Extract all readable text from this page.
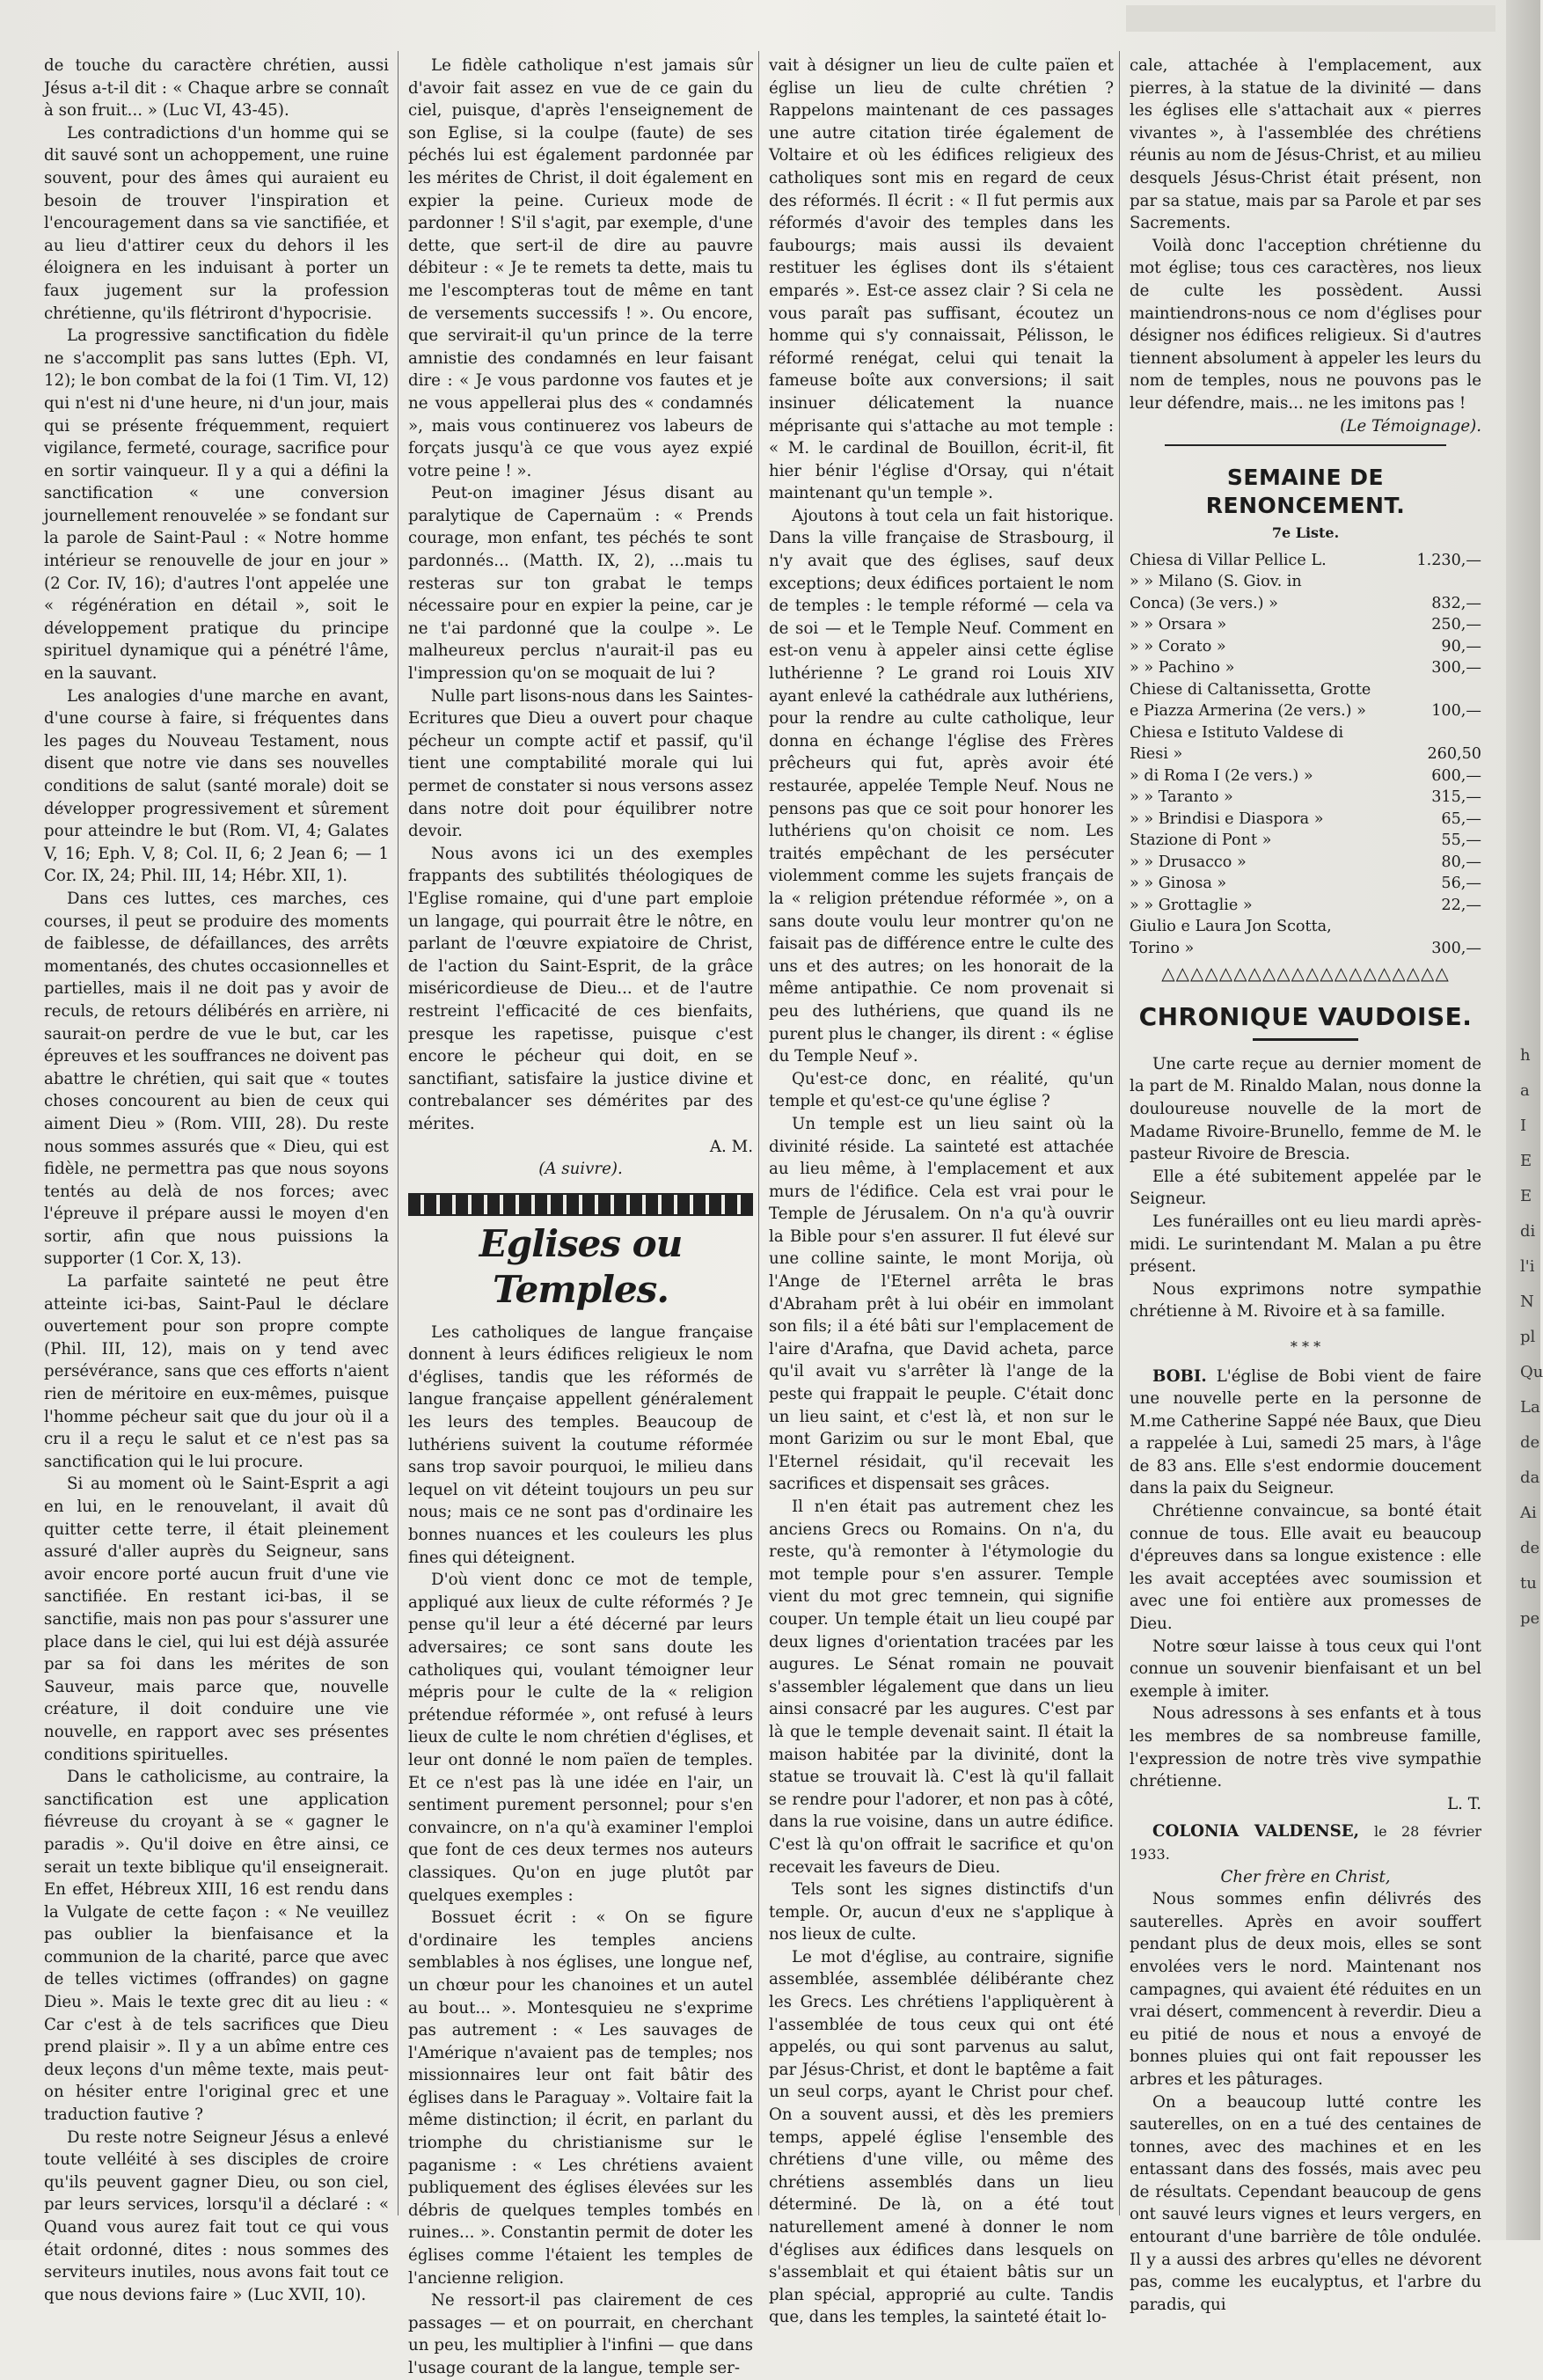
de touche du caractère chrétien, aussi Jésus a-t-il dit : « Chaque arbre se connaît à son fruit... » (Luc VI, 43-45).

Les contradictions d'un homme qui se dit sauvé sont un achoppement, une ruine souvent, pour des âmes qui auraient eu besoin de trouver l'inspiration et l'encouragement dans sa vie sanctifiée, et au lieu d'attirer ceux du dehors il les éloignera en les induisant à porter un faux jugement sur la profession chrétienne, qu'ils flétriront d'hypocrisie.

La progressive sanctification du fidèle ne s'accomplit pas sans luttes (Eph. VI, 12); le bon combat de la foi (1 Tim. VI, 12) qui n'est ni d'une heure, ni d'un jour, mais qui se présente fréquemment, requiert vigilance, fermeté, courage, sacrifice pour en sortir vainqueur. Il y a qui a défini la sanctification « une conversion journellement renouvelée » se fondant sur la parole de Saint-Paul : « Notre homme intérieur se renouvelle de jour en jour » (2 Cor. IV, 16); d'autres l'ont appelée une « régénération en détail », soit le développement pratique du principe spirituel dynamique qui a pénétré l'âme, en la sauvant.

Les analogies d'une marche en avant, d'une course à faire, si fréquentes dans les pages du Nouveau Testament, nous disent que notre vie dans ses nouvelles conditions de salut (santé morale) doit se développer progressivement et sûrement pour atteindre le but (Rom. VI, 4; Galates V, 16; Eph. V, 8; Col. II, 6; 2 Jean 6; — 1 Cor. IX, 24; Phil. III, 14; Hébr. XII, 1).

Dans ces luttes, ces marches, ces courses, il peut se produire des moments de faiblesse, de défaillances, des arrêts momentanés, des chutes occasionnelles et partielles, mais il ne doit pas y avoir de reculs, de retours délibérés en arrière, ni saurait-on perdre de vue le but, car les épreuves et les souffrances ne doivent pas abattre le chrétien, qui sait que « toutes choses concourent au bien de ceux qui aiment Dieu » (Rom. VIII, 28). Du reste nous sommes assurés que « Dieu, qui est fidèle, ne permettra pas que nous soyons tentés au delà de nos forces; avec l'épreuve il prépare aussi le moyen d'en sortir, afin que nous puissions la supporter (1 Cor. X, 13).

La parfaite sainteté ne peut être atteinte ici-bas, Saint-Paul le déclare ouvertement pour son propre compte (Phil. III, 12), mais on y tend avec persévérance, sans que ces efforts n'aient rien de méritoire en eux-mêmes, puisque l'homme pécheur sait que du jour où il a cru il a reçu le salut et ce n'est pas sa sanctification qui le lui procure.

Si au moment où le Saint-Esprit a agi en lui, en le renouvelant, il avait dû quitter cette terre, il était pleinement assuré d'aller auprès du Seigneur, sans avoir encore porté aucun fruit d'une vie sanctifiée. En restant ici-bas, il se sanctifie, mais non pas pour s'assurer une place dans le ciel, qui lui est déjà assurée par sa foi dans les mérites de son Sauveur, mais parce que, nouvelle créature, il doit conduire une vie nouvelle, en rapport avec ses présentes conditions spirituelles.

Dans le catholicisme, au contraire, la sanctification est une application fiévreuse du croyant à se « gagner le paradis ». Qu'il doive en être ainsi, ce serait un texte biblique qu'il enseignerait. En effet, Hébreux XIII, 16 est rendu dans la Vulgate de cette façon : « Ne veuillez pas oublier la bienfaisance et la communion de la charité, parce que avec de telles victimes (offrandes) on gagne Dieu ». Mais le texte grec dit au lieu : « Car c'est à de tels sacrifices que Dieu prend plaisir ». Il y a un abîme entre ces deux leçons d'un même texte, mais peut-on hésiter entre l'original grec et une traduction fautive ?

Du reste notre Seigneur Jésus a enlevé toute velléité à ses disciples de croire qu'ils peuvent gagner Dieu, ou son ciel, par leurs services, lorsqu'il a déclaré : « Quand vous aurez fait tout ce qui vous était ordonné, dites : nous sommes des serviteurs inutiles, nous avons fait tout ce que nous devions faire » (Luc XVII, 10).

Le fidèle catholique n'est jamais sûr d'avoir fait assez en vue de ce gain du ciel, puisque, d'après l'enseignement de son Eglise, si la coulpe (faute) de ses péchés lui est également pardonnée par les mérites de Christ, il doit également en expier la peine. Curieux mode de pardonner ! S'il s'agit, par exemple, d'une dette, que sert-il de dire au pauvre débiteur : « Je te remets ta dette, mais tu me l'escompteras tout de même en tant de versements successifs ! ». Ou encore, que servirait-il qu'un prince de la terre amnistie des condamnés en leur faisant dire : « Je vous pardonne vos fautes et je ne vous appellerai plus des « condamnés », mais vous continuerez vos labeurs de forçats jusqu'à ce que vous ayez expié votre peine ! ».

Peut-on imaginer Jésus disant au paralytique de Capernaüm : « Prends courage, mon enfant, tes péchés te sont pardonnés... (Matth. IX, 2), ...mais tu resteras sur ton grabat le temps nécessaire pour en expier la peine, car je ne t'ai pardonné que la coulpe ». Le malheureux perclus n'aurait-il pas eu l'impression qu'on se moquait de lui ?

Nulle part lisons-nous dans les Saintes-Ecritures que Dieu a ouvert pour chaque pécheur un compte actif et passif, qu'il tient une comptabilité morale qui lui permet de constater si nous versons assez dans notre doit pour équilibrer notre devoir.

Nous avons ici un des exemples frappants des subtilités théologiques de l'Eglise romaine, qui d'une part emploie un langage, qui pourrait être le nôtre, en parlant de l'œuvre expiatoire de Christ, de l'action du Saint-Esprit, de la grâce miséricordieuse de Dieu... et de l'autre restreint l'efficacité de ces bienfaits, presque les rapetisse, puisque c'est encore le pécheur qui doit, en se sanctifiant, satisfaire la justice divine et contrebalancer ses démérites par des mérites.

A. M.

(A suivre).

Eglises ou Temples.

Les catholiques de langue française donnent à leurs édifices religieux le nom d'églises, tandis que les réformés de langue française appellent généralement les leurs des temples. Beaucoup de luthériens suivent la coutume réformée sans trop savoir pourquoi, le milieu dans lequel on vit déteint toujours un peu sur nous; mais ce ne sont pas d'ordinaire les bonnes nuances et les couleurs les plus fines qui déteignent.

D'où vient donc ce mot de temple, appliqué aux lieux de culte réformés ? Je pense qu'il leur a été décerné par leurs adversaires; ce sont sans doute les catholiques qui, voulant témoigner leur mépris pour le culte de la « religion prétendue réformée », ont refusé à leurs lieux de culte le nom chrétien d'églises, et leur ont donné le nom païen de temples. Et ce n'est pas là une idée en l'air, un sentiment purement personnel; pour s'en convaincre, on n'a qu'à examiner l'emploi que font de ces deux termes nos auteurs classiques. Qu'on en juge plutôt par quelques exemples :

Bossuet écrit : « On se figure d'ordinaire les temples anciens semblables à nos églises, une longue nef, un chœur pour les chanoines et un autel au bout... ». Montesquieu ne s'exprime pas autrement : « Les sauvages de l'Amérique n'avaient pas de temples; nos missionnaires leur ont fait bâtir des églises dans le Paraguay ». Voltaire fait la même distinction; il écrit, en parlant du triomphe du christianisme sur le paganisme : « Les chrétiens avaient publiquement des églises élevées sur les débris de quelques temples tombés en ruines... ». Constantin permit de doter les églises comme l'étaient les temples de l'ancienne religion.

Ne ressort-il pas clairement de ces passages — et on pourrait, en cherchant un peu, les multiplier à l'infini — que dans l'usage courant de la langue, temple ser-

vait à désigner un lieu de culte païen et église un lieu de culte chrétien ? Rappelons maintenant de ces passages une autre citation tirée également de Voltaire et où les édifices religieux des catholiques sont mis en regard de ceux des réformés. Il écrit : « Il fut permis aux réformés d'avoir des temples dans les faubourgs; mais aussi ils devaient restituer les églises dont ils s'étaient emparés ». Est-ce assez clair ? Si cela ne vous paraît pas suffisant, écoutez un homme qui s'y connaissait, Pélisson, le réformé renégat, celui qui tenait la fameuse boîte aux conversions; il sait insinuer délicatement la nuance méprisante qui s'attache au mot temple : « M. le cardinal de Bouillon, écrit-il, fit hier bénir l'église d'Orsay, qui n'était maintenant qu'un temple ».

Ajoutons à tout cela un fait historique. Dans la ville française de Strasbourg, il n'y avait que des églises, sauf deux exceptions; deux édifices portaient le nom de temples : le temple réformé — cela va de soi — et le Temple Neuf. Comment en est-on venu à appeler ainsi cette église luthérienne ? Le grand roi Louis XIV ayant enlevé la cathédrale aux luthériens, pour la rendre au culte catholique, leur donna en échange l'église des Frères prêcheurs qui fut, après avoir été restaurée, appelée Temple Neuf. Nous ne pensons pas que ce soit pour honorer les luthériens qu'on choisit ce nom. Les traités empêchant de les persécuter violemment comme les sujets français de la « religion prétendue réformée », on a sans doute voulu leur montrer qu'on ne faisait pas de différence entre le culte des uns et des autres; on les honorait de la même antipathie. Ce nom provenait si peu des luthériens, que quand ils ne purent plus le changer, ils dirent : « église du Temple Neuf ».

Qu'est-ce donc, en réalité, qu'un temple et qu'est-ce qu'une église ?

Un temple est un lieu saint où la divinité réside. La sainteté est attachée au lieu même, à l'emplacement et aux murs de l'édifice. Cela est vrai pour le Temple de Jérusalem. On n'a qu'à ouvrir la Bible pour s'en assurer. Il fut élevé sur une colline sainte, le mont Morija, où l'Ange de l'Eternel arrêta le bras d'Abraham prêt à lui obéir en immolant son fils; il a été bâti sur l'emplacement de l'aire d'Arafna, que David acheta, parce qu'il avait vu s'arrêter là l'ange de la peste qui frappait le peuple. C'était donc un lieu saint, et c'est là, et non sur le mont Garizim ou sur le mont Ebal, que l'Eternel résidait, qu'il recevait les sacrifices et dispensait ses grâces.

Il n'en était pas autrement chez les anciens Grecs ou Romains. On n'a, du reste, qu'à remonter à l'étymologie du mot temple pour s'en assurer. Temple vient du mot grec temnein, qui signifie couper. Un temple était un lieu coupé par deux lignes d'orientation tracées par les augures. Le Sénat romain ne pouvait s'assembler légalement que dans un lieu ainsi consacré par les augures. C'est par là que le temple devenait saint. Il était la maison habitée par la divinité, dont la statue se trouvait là. C'est là qu'il fallait se rendre pour l'adorer, et non pas à côté, dans la rue voisine, dans un autre édifice. C'est là qu'on offrait le sacrifice et qu'on recevait les faveurs de Dieu.

Tels sont les signes distinctifs d'un temple. Or, aucun d'eux ne s'applique à nos lieux de culte.

Le mot d'église, au contraire, signifie assemblée, assemblée délibérante chez les Grecs. Les chrétiens l'appliquèrent à l'assemblée de tous ceux qui ont été appelés, ou qui sont parvenus au salut, par Jésus-Christ, et dont le baptême a fait un seul corps, ayant le Christ pour chef. On a souvent aussi, et dès les premiers temps, appelé église l'ensemble des chrétiens d'une ville, ou même des chrétiens assemblés dans un lieu déterminé. De là, on a été tout naturellement amené à donner le nom d'églises aux édifices dans lesquels on s'assemblait et qui étaient bâtis sur un plan spécial, approprié au culte. Tandis que, dans les temples, la sainteté était lo-

cale, attachée à l'emplacement, aux pierres, à la statue de la divinité — dans les églises elle s'attachait aux « pierres vivantes », à l'assemblée des chrétiens réunis au nom de Jésus-Christ, et au milieu desquels Jésus-Christ était présent, non par sa statue, mais par sa Parole et par ses Sacrements.

Voilà donc l'acception chrétienne du mot église; tous ces caractères, nos lieux de culte les possèdent. Aussi maintiendrons-nous ce nom d'églises pour désigner nos édifices religieux. Si d'autres tiennent absolument à appeler les leurs du nom de temples, nous ne pouvons pas le leur défendre, mais... ne les imitons pas !

(Le Témoignage).

SEMAINE DE RENONCEMENT.
7e Liste.
Chiesa di Villar Pellice L.	1.230,—
» » Milano (S. Giov. in
Conca) (3e vers.) »	832,—
» » Orsara »	250,—
» » Corato »	90,—
» » Pachino »	300,—
Chiese di Caltanissetta, Grotte
e Piazza Armerina (2e vers.) »	100,—
Chiesa e Istituto Valdese di
Riesi »	260,50
» di Roma I (2e vers.) »	600,—
» » Taranto »	315,—
» » Brindisi e Diaspora »	65,—
Stazione di Pont »	55,—
» » Drusacco »	80,—
» » Ginosa »	56,—
» » Grottaglie »	22,—
Giulio e Laura Jon Scotta,
Torino »	300,—
△△△△△△△△△△△△△△△△△△△△
CHRONIQUE VAUDOISE.

Une carte reçue au dernier moment de la part de M. Rinaldo Malan, nous donne la douloureuse nouvelle de la mort de Madame Rivoire-Brunello, femme de M. le pasteur Rivoire de Brescia.

Elle a été subitement appelée par le Seigneur.

Les funérailles ont eu lieu mardi après-midi. Le surintendant M. Malan a pu être présent.

Nous exprimons notre sympathie chrétienne à M. Rivoire et à sa famille.

* * *

BOBI. L'église de Bobi vient de faire une nouvelle perte en la personne de M.me Catherine Sappé née Baux, que Dieu a rappelée à Lui, samedi 25 mars, à l'âge de 83 ans. Elle s'est endormie doucement dans la paix du Seigneur.

Chrétienne convaincue, sa bonté était connue de tous. Elle avait eu beaucoup d'épreuves dans sa longue existence : elle les avait acceptées avec soumission et avec une foi entière aux promesses de Dieu.

Notre sœur laisse à tous ceux qui l'ont connue un souvenir bienfaisant et un bel exemple à imiter.

Nous adressons à ses enfants et à tous les membres de sa nombreuse famille, l'expression de notre très vive sympathie chrétienne.

L. T.

COLONIA VALDENSE, le 28 février 1933.

Cher frère en Christ,

Nous sommes enfin délivrés des sauterelles. Après en avoir souffert pendant plus de deux mois, elles se sont envolées vers le nord. Maintenant nos campagnes, qui avaient été réduites en un vrai désert, commencent à reverdir. Dieu a eu pitié de nous et nous a envoyé de bonnes pluies qui ont fait repousser les arbres et les pâturages.

On a beaucoup lutté contre les sauterelles, on en a tué des centaines de tonnes, avec des machines et en les entassant dans des fossés, mais avec peu de résultats. Cependant beaucoup de gens ont sauvé leurs vignes et leurs vergers, en entourant d'une barrière de tôle ondulée. Il y a aussi des arbres qu'elles ne dévorent pas, comme les eucalyptus, et l'arbre du paradis, qui

h
a
I
E
E
di
l'i
N
pl
Qu
La
de
da
Ai
de
tu
pe
